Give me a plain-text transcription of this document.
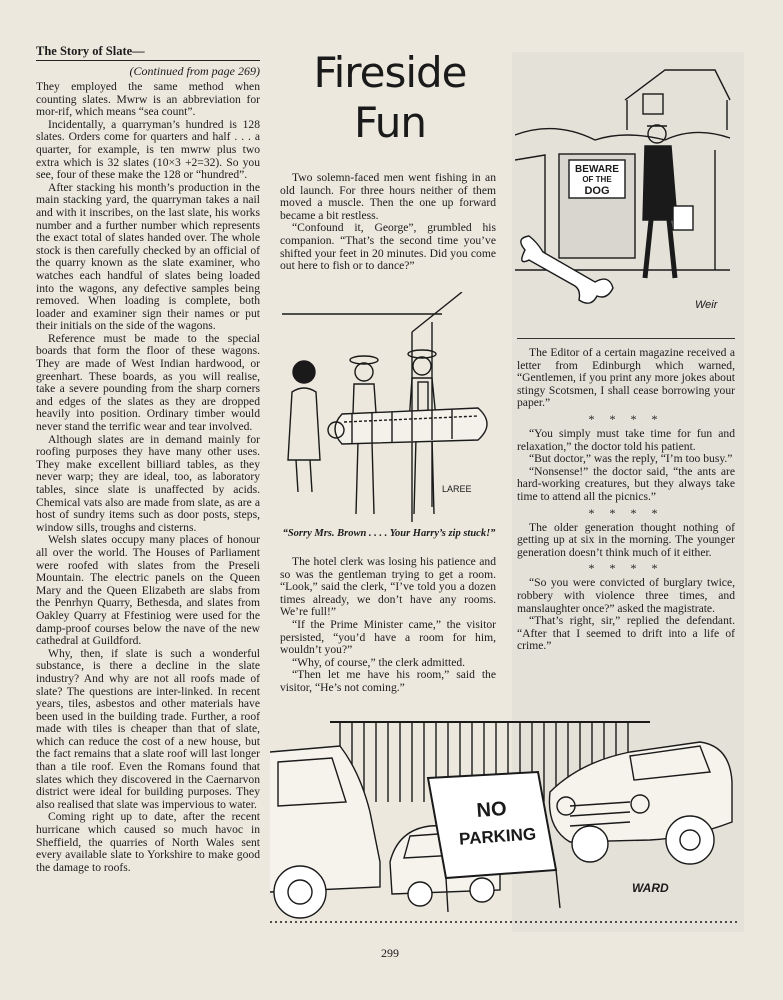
The Story of Slate—
(Continued from page 269)

They employed the same method when counting slates. Mwrw is an abbreviation for mor-rif, which means “sea count”.

Incidentally, a quarryman’s hundred is 128 slates. Orders come for quarters and half . . . a quarter, for example, is ten mwrw plus two extra which is 32 slates (10×3 +2=32). So you see, four of these make the 128 or “hundred”.

After stacking his month’s production in the main stacking yard, the quarryman takes a nail and with it inscribes, on the last slate, his works number and a further number which represents the exact total of slates handed over. The whole stock is then carefully checked by an official of the quarry known as the slate examiner, who watches each handful of slates being loaded into the wagons, any defective samples being removed. When loading is complete, both loader and examiner sign their names or put their initials on the side of the wagons.

Reference must be made to the special boards that form the floor of these wagons. They are made of West Indian hardwood, or greenhart. These boards, as you will realise, take a severe pounding from the sharp corners and edges of the slates as they are dropped heavily into position. Ordinary timber would never stand the terrific wear and tear involved.

Although slates are in demand mainly for roofing purposes they have many other uses. They make excellent billiard tables, as they never warp; they are ideal, too, as laboratory tables, since slate is unaffected by acids. Chemical vats also are made from slate, as are a host of sundry items such as door posts, steps, window sills, troughs and cisterns.

Welsh slates occupy many places of honour all over the world. The Houses of Parliament were roofed with slates from the Preseli Mountain. The electric panels on the Queen Mary and the Queen Elizabeth are slabs from the Penrhyn Quarry, Bethesda, and slates from Oakley Quarry at Ffestiniog were used for the damp-proof courses below the nave of the new cathedral at Guildford.

Why, then, if slate is such a wonderful substance, is there a decline in the slate industry? And why are not all roofs made of slate? The questions are inter-linked. In recent years, tiles, asbestos and other materials have been used in the building trade. Further, a roof made with tiles is cheaper than that of slate, which can reduce the cost of a new house, but the fact remains that a slate roof will last longer than a tile roof. Even the Romans found that slates which they discovered in the Caernarvon district were ideal for building purposes. They also realised that slate was impervious to water.

Coming right up to date, after the recent hurricane which caused so much havoc in Sheffield, the quarries of North Wales sent every available slate to Yorkshire to make good the damage to roofs.

Fireside
Fun

Two solemn-faced men went fishing in an old launch. For three hours neither of them moved a muscle. Then the one up forward became a bit restless.

“Confound it, George”, grumbled his companion. “That’s the second time you’ve shifted your feet in 20 minutes. Did you come out here to fish or to dance?”

LAREE
“Sorry Mrs. Brown . . . . Your Harry’s zip stuck!”

The hotel clerk was losing his patience and so was the gentleman trying to get a room. “Look,” said the clerk, “I’ve told you a dozen times already, we don’t have any rooms. We’re full!”

“If the Prime Minister came,” the visitor persisted, “you’d have a room for him, wouldn’t you?”

“Why, of course,” the clerk admitted.

“Then let me have his room,” said the visitor, “He’s not coming.”

BEWARE
OF THE
DOG
Weir

The Editor of a certain magazine received a letter from Edinburgh which warned, “Gentlemen, if you print any more jokes about stingy Scotsmen, I shall cease borrowing your paper.”

* * * *

“You simply must take time for fun and relaxation,” the doctor told his patient.

“But doctor,” was the reply, “I’m too busy.”

“Nonsense!” the doctor said, “the ants are hard-working creatures, but they always take time to attend all the picnics.”

* * * *

The older generation thought nothing of getting up at six in the morning. The younger generation doesn’t think much of it either.

* * * *

“So you were convicted of burglary twice, robbery with violence three times, and manslaughter once?” asked the magistrate.

“That’s right, sir,” replied the defendant. “After that I seemed to drift into a life of crime.”

NO
PARKING
WARD
299
